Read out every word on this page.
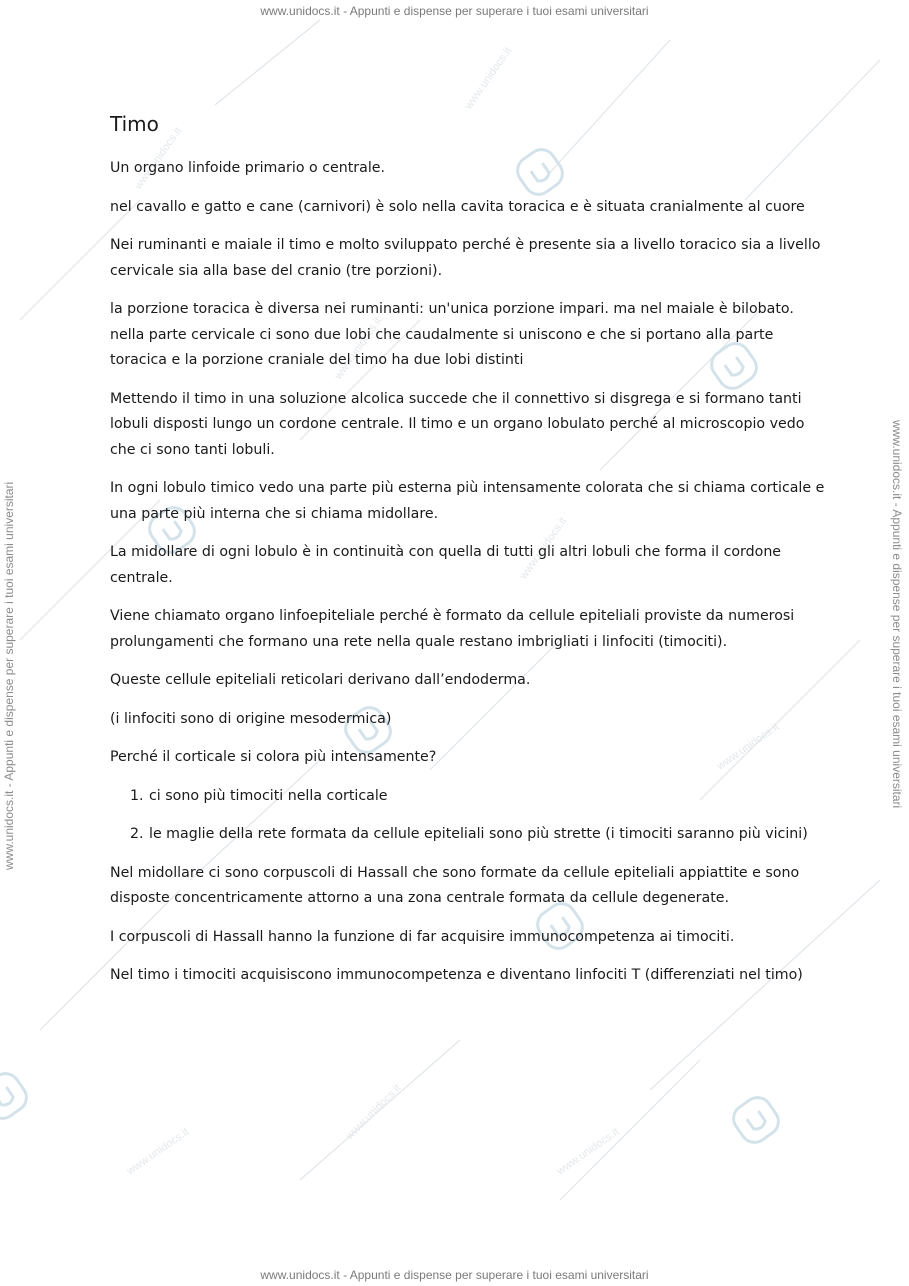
www.unidocs.it
www.unidocs.it
www.unidocs.it
www.unidocs.it
www.unidocs.it
www.unidocs.it
www.unidocs.it
www.unidocs.it
www.unidocs.it - Appunti e dispense per superare i tuoi esami universitari
www.unidocs.it - Appunti e dispense per superare i tuoi esami universitari	www.unidocs.it - Appunti e dispense per superare i tuoi esami universitari
Timo

Un organo linfoide primario o centrale.

nel cavallo e gatto e cane (carnivori) è solo nella cavita toracica e è situata cranialmente al cuore

Nei ruminanti e maiale il timo e molto sviluppato perché è presente sia a livello toracico sia a livello cervicale sia alla base del cranio (tre porzioni).

la porzione toracica è diversa nei ruminanti: un'unica porzione impari. ma nel maiale è bilobato. nella parte cervicale ci sono due lobi che caudalmente si uniscono e che si portano alla parte toracica e la porzione craniale del timo ha due lobi distinti

Mettendo il timo in una soluzione alcolica succede che il connettivo si disgrega e si formano tanti lobuli disposti lungo un cordone centrale. Il timo e un organo lobulato perché al microscopio vedo che ci sono tanti lobuli.

In ogni lobulo timico vedo una parte più esterna più intensamente colorata che si chiama corticale e una parte più interna che si chiama midollare.

La midollare di ogni lobulo è in continuità con quella di tutti gli altri lobuli che forma il cordone centrale.

Viene chiamato organo linfoepiteliale perché è formato da cellule epiteliali proviste da numerosi prolungamenti che formano una rete nella quale restano imbrigliati i linfociti (timociti).

Queste cellule epiteliali reticolari derivano dall’endoderma.

(i linfociti sono di origine mesodermica)

Perché il corticale si colora più intensamente?

1. ci sono più timociti nella corticale
2. le maglie della rete formata da cellule epiteliali sono più strette (i timociti saranno più vicini)

Nel midollare ci sono corpuscoli di Hassall che sono formate da cellule epiteliali appiattite e sono disposte concentricamente attorno a una zona centrale formata da cellule degenerate.

I corpuscoli di Hassall hanno la funzione di far acquisire immunocompetenza ai timociti.

Nel timo i timociti acquisiscono immunocompetenza e diventano linfociti T (differenziati nel timo)

www.unidocs.it - Appunti e dispense per superare i tuoi esami universitari
